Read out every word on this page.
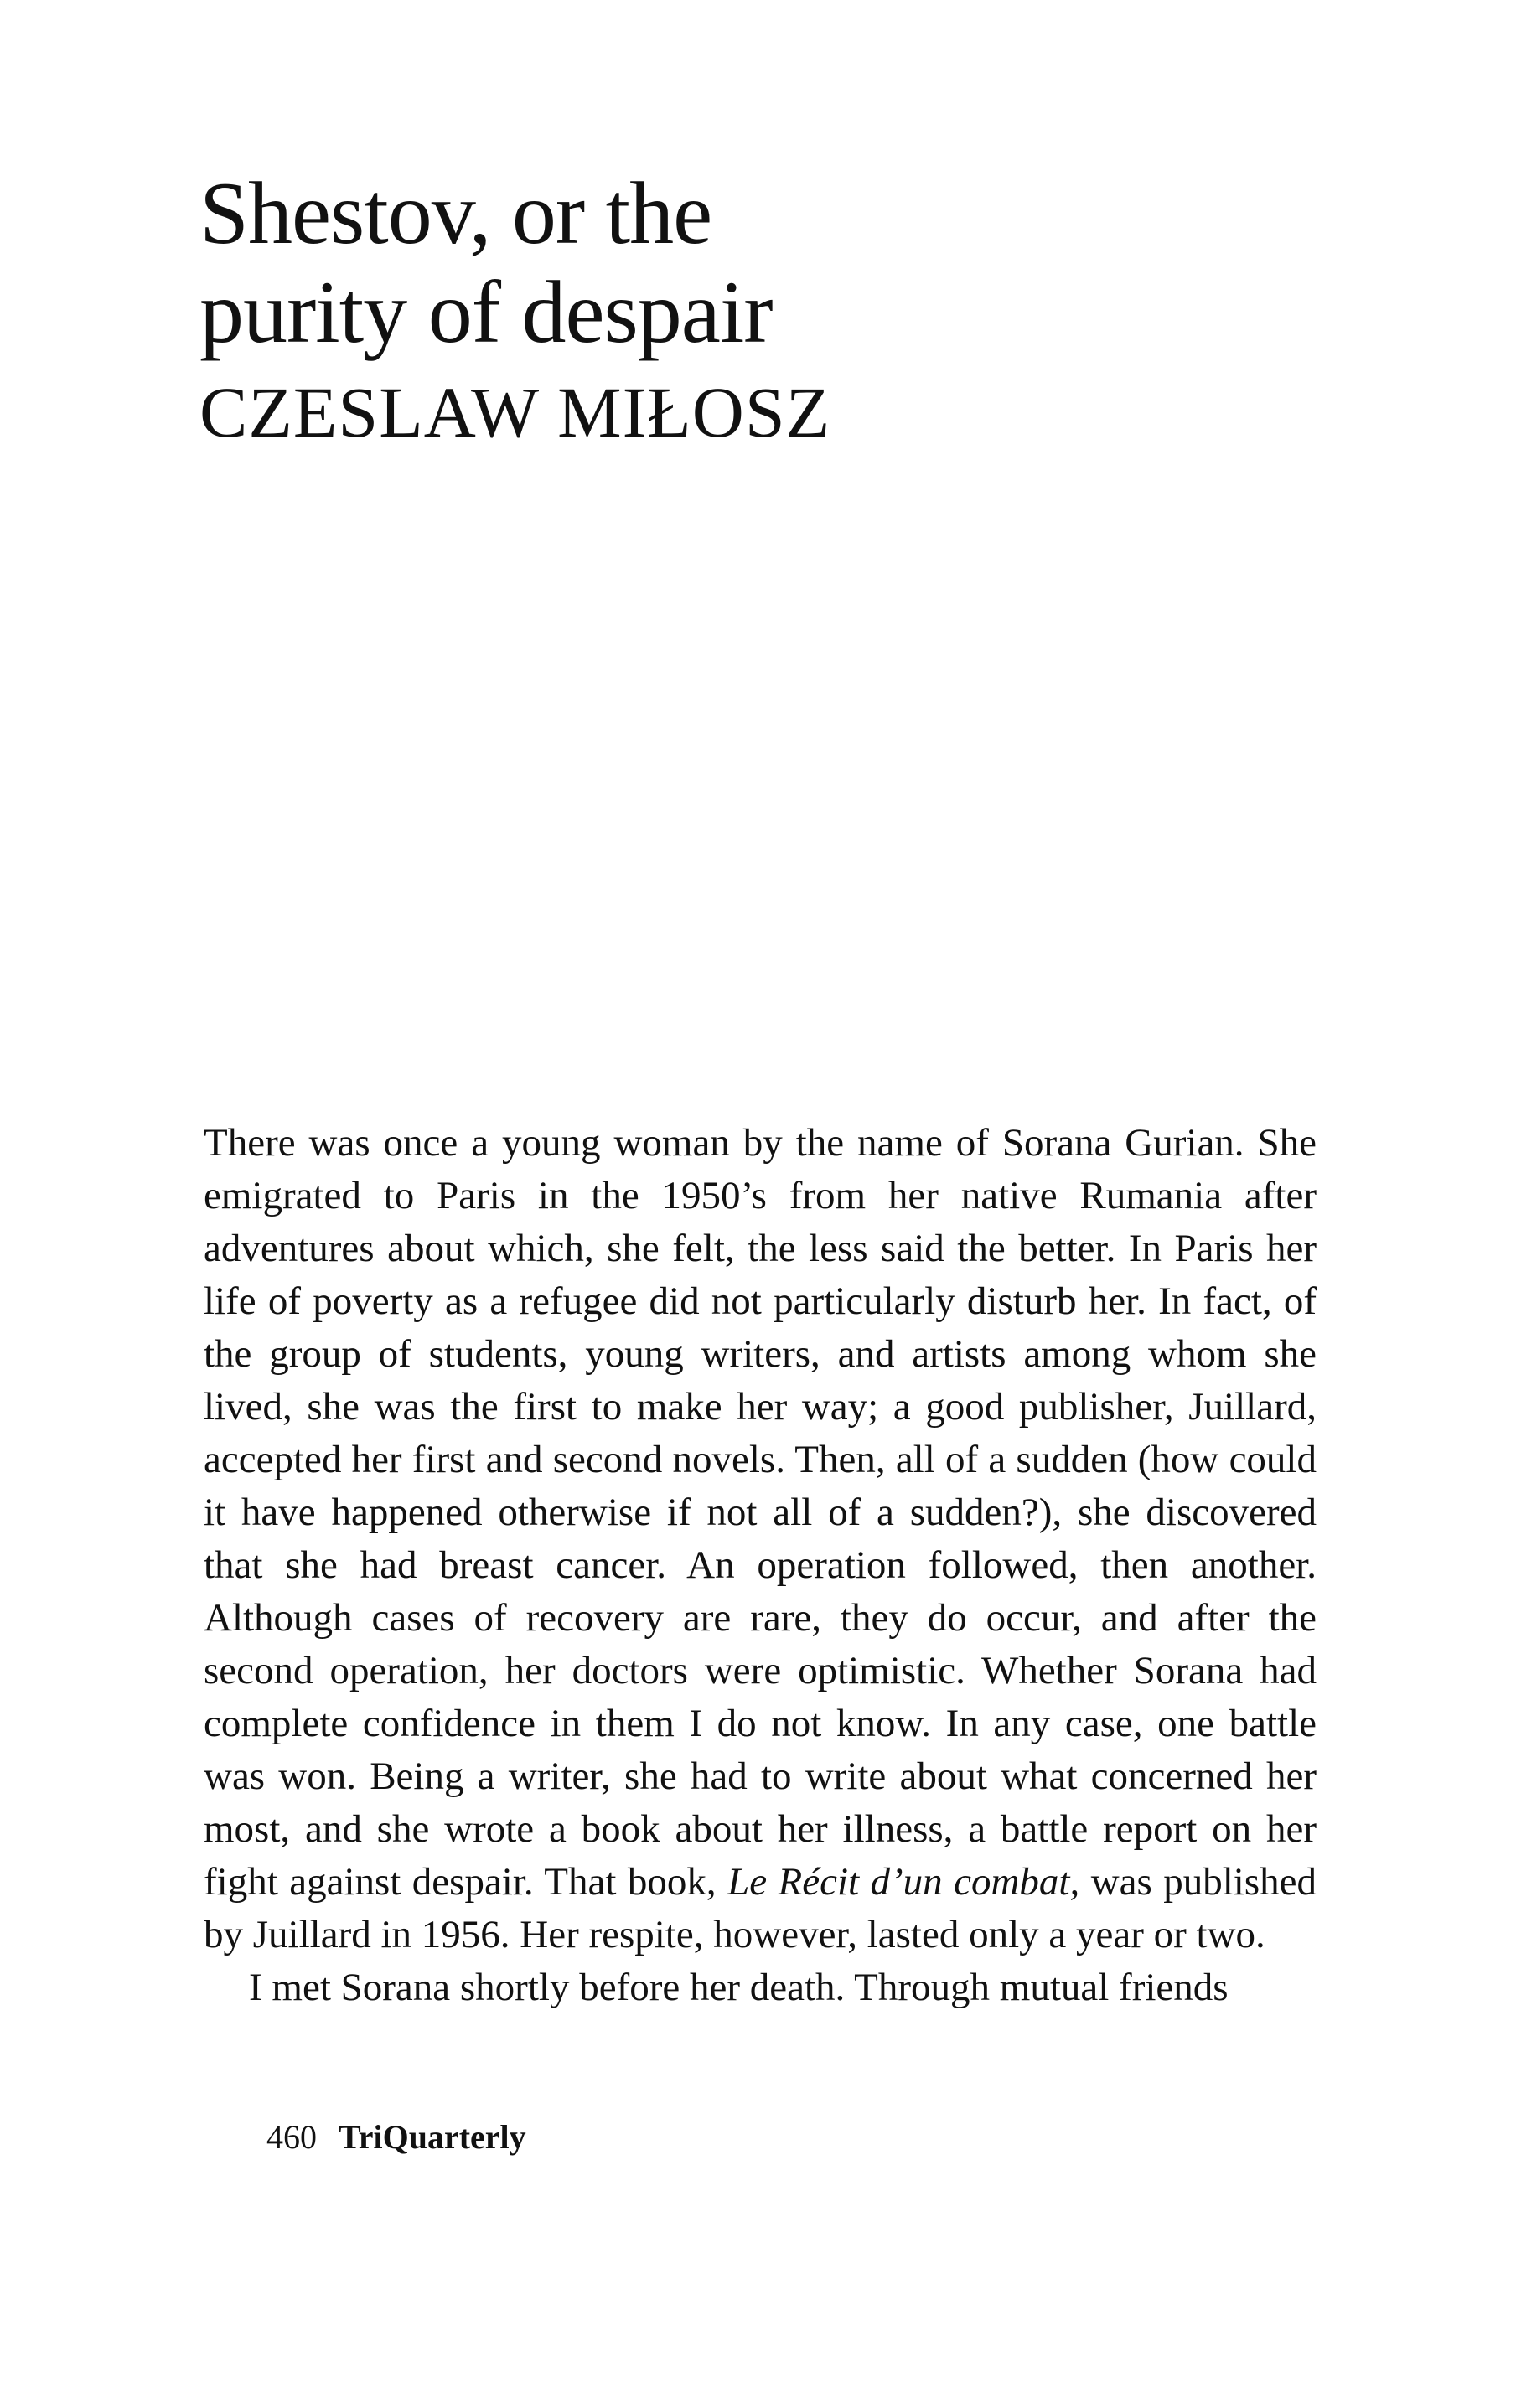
Shestov, or the
purity of despair
CZESLAW MIŁOSZ

There was once a young woman by the name of Sorana Gurian. She emigrated to Paris in the 1950’s from her native Rumania after adventures about which, she felt, the less said the better. In Paris her life of poverty as a refugee did not particularly disturb her. In fact, of the group of students, young writers, and artists among whom she lived, she was the first to make her way; a good publisher, Juillard, accepted her first and second novels. Then, all of a sudden (how could it have happened otherwise if not all of a sudden?), she discovered that she had breast cancer. An operation followed, then another. Although cases of recovery are rare, they do occur, and after the second operation, her doctors were optimistic. Whether Sorana had complete confidence in them I do not know. In any case, one battle was won. Being a writer, she had to write about what concerned her most, and she wrote a book about her illness, a battle report on her fight against despair. That book, Le Récit d’un combat, was published by Juillard in 1956. Her respite, however, lasted only a year or two.

I met Sorana shortly before her death. Through mutual friends

460 TriQuarterly
